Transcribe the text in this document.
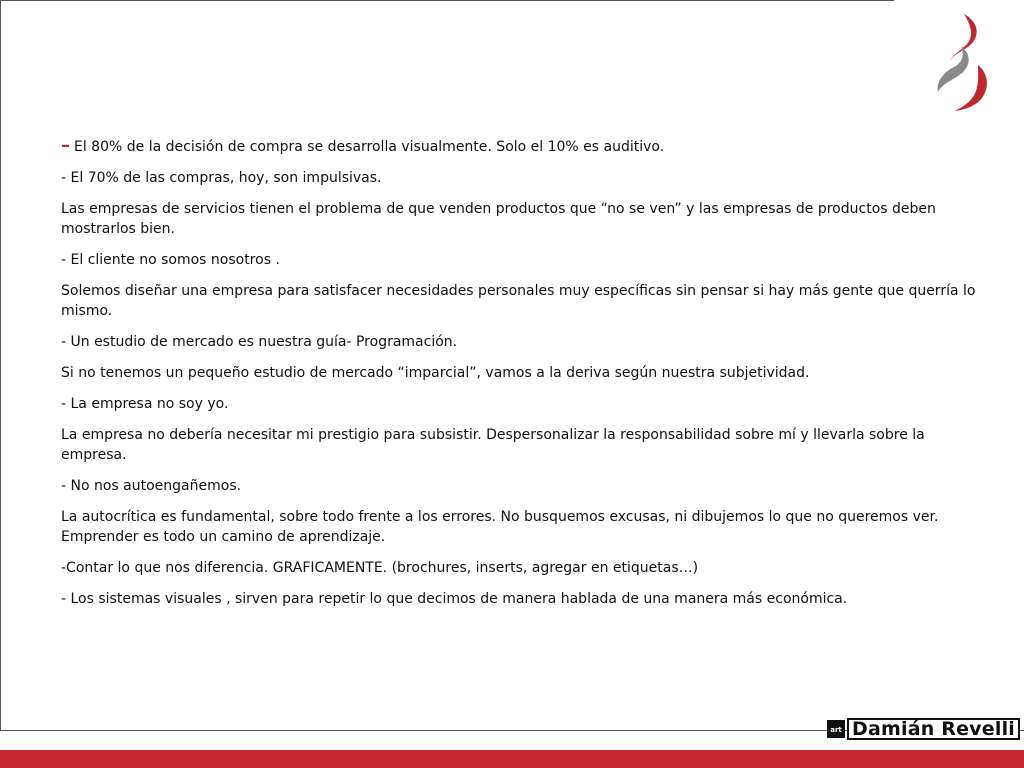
– El 80% de la decisión de compra se desarrolla visualmente. Solo el 10% es auditivo.

- El 70% de las compras, hoy, son impulsivas.

Las empresas de servicios tienen el problema de que venden productos que “no se ven” y las empresas de productos deben mostrarlos bien.

- El cliente no somos nosotros .

Solemos diseñar una empresa para satisfacer necesidades personales muy específicas sin pensar si hay más gente que querría lo mismo.

- Un estudio de mercado es nuestra guía- Programación.

Si no tenemos un pequeño estudio de mercado “imparcial”, vamos a la deriva según nuestra subjetividad.

- La empresa no soy yo.

La empresa no debería necesitar mi prestigio para subsistir. Despersonalizar la responsabilidad sobre mí y llevarla sobre la empresa.

- No nos autoengañemos.

La autocrítica es fundamental, sobre todo frente a los errores. No busquemos excusas, ni dibujemos lo que no queremos ver. Emprender es todo un camino de aprendizaje.

-Contar lo que nos diferencia. GRAFICAMENTE. (brochures, inserts, agregar en etiquetas…)

- Los sistemas visuales , sirven para repetir lo que decimos de manera hablada de una manera más económica.

art Damián Revelli
